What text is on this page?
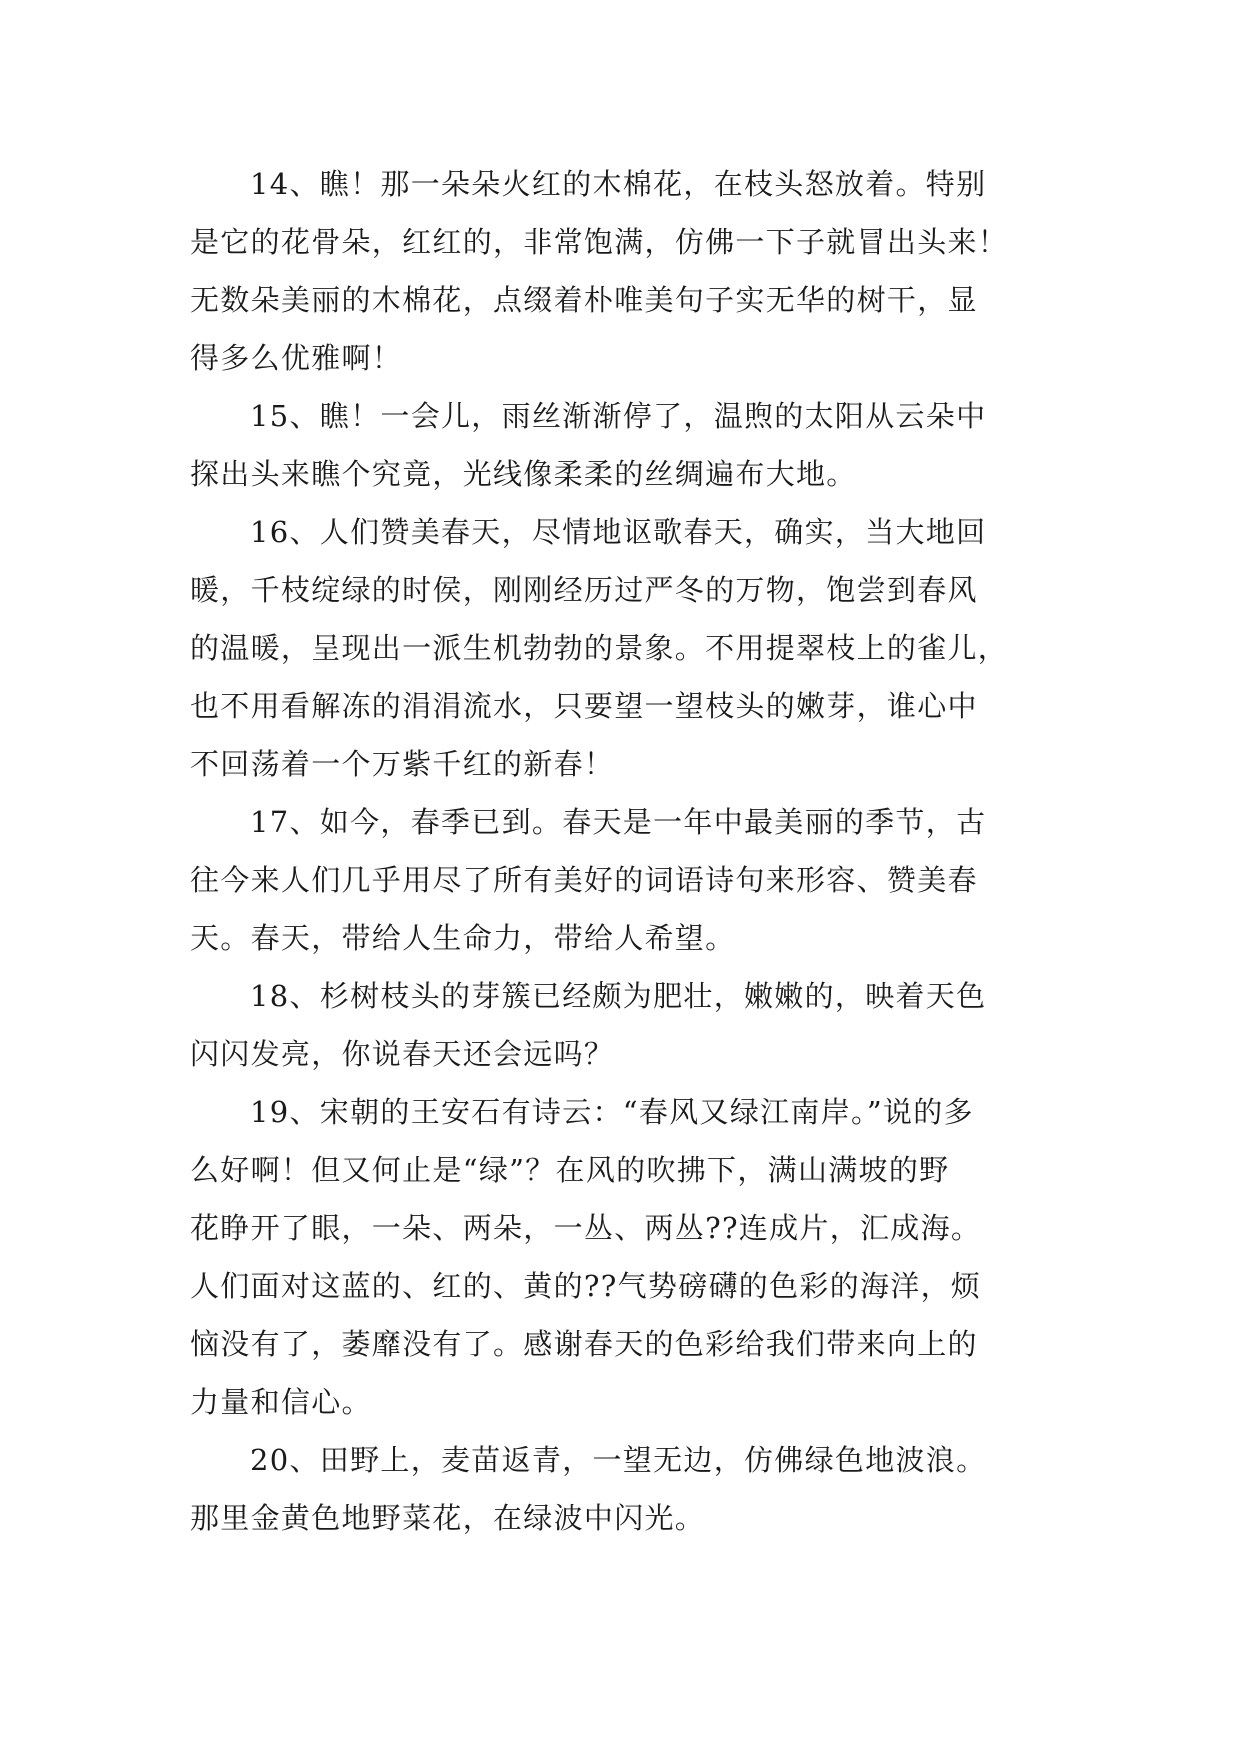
14、瞧！那一朵朵火红的木棉花，在枝头怒放着。特别
是它的花骨朵，红红的，非常饱满，仿佛一下子就冒出头来！
无数朵美丽的木棉花，点缀着朴唯美句子实无华的树干，显
得多么优雅啊！

15、瞧！一会儿，雨丝渐渐停了，温煦的太阳从云朵中
探出头来瞧个究竟，光线像柔柔的丝绸遍布大地。

16、人们赞美春天，尽情地讴歌春天，确实，当大地回
暖，千枝绽绿的时侯，刚刚经历过严冬的万物，饱尝到春风
的温暖，呈现出一派生机勃勃的景象。不用提翠枝上的雀儿，
也不用看解冻的涓涓流水，只要望一望枝头的嫩芽，谁心中
不回荡着一个万紫千红的新春！

17、如今，春季已到。春天是一年中最美丽的季节，古
往今来人们几乎用尽了所有美好的词语诗句来形容、赞美春
天。春天，带给人生命力，带给人希望。

18、杉树枝头的芽簇已经颇为肥壮，嫩嫩的，映着天色
闪闪发亮，你说春天还会远吗？

19、宋朝的王安石有诗云：“春风又绿江南岸。”说的多
么好啊！但又何止是“绿”？在风的吹拂下，满山满坡的野
花睁开了眼，一朵、两朵，一丛、两丛??连成片，汇成海。
人们面对这蓝的、红的、黄的??气势磅礴的色彩的海洋，烦
恼没有了，萎靡没有了。感谢春天的色彩给我们带来向上的
力量和信心。

20、田野上，麦苗返青，一望无边，仿佛绿色地波浪。
那里金黄色地野菜花，在绿波中闪光。
